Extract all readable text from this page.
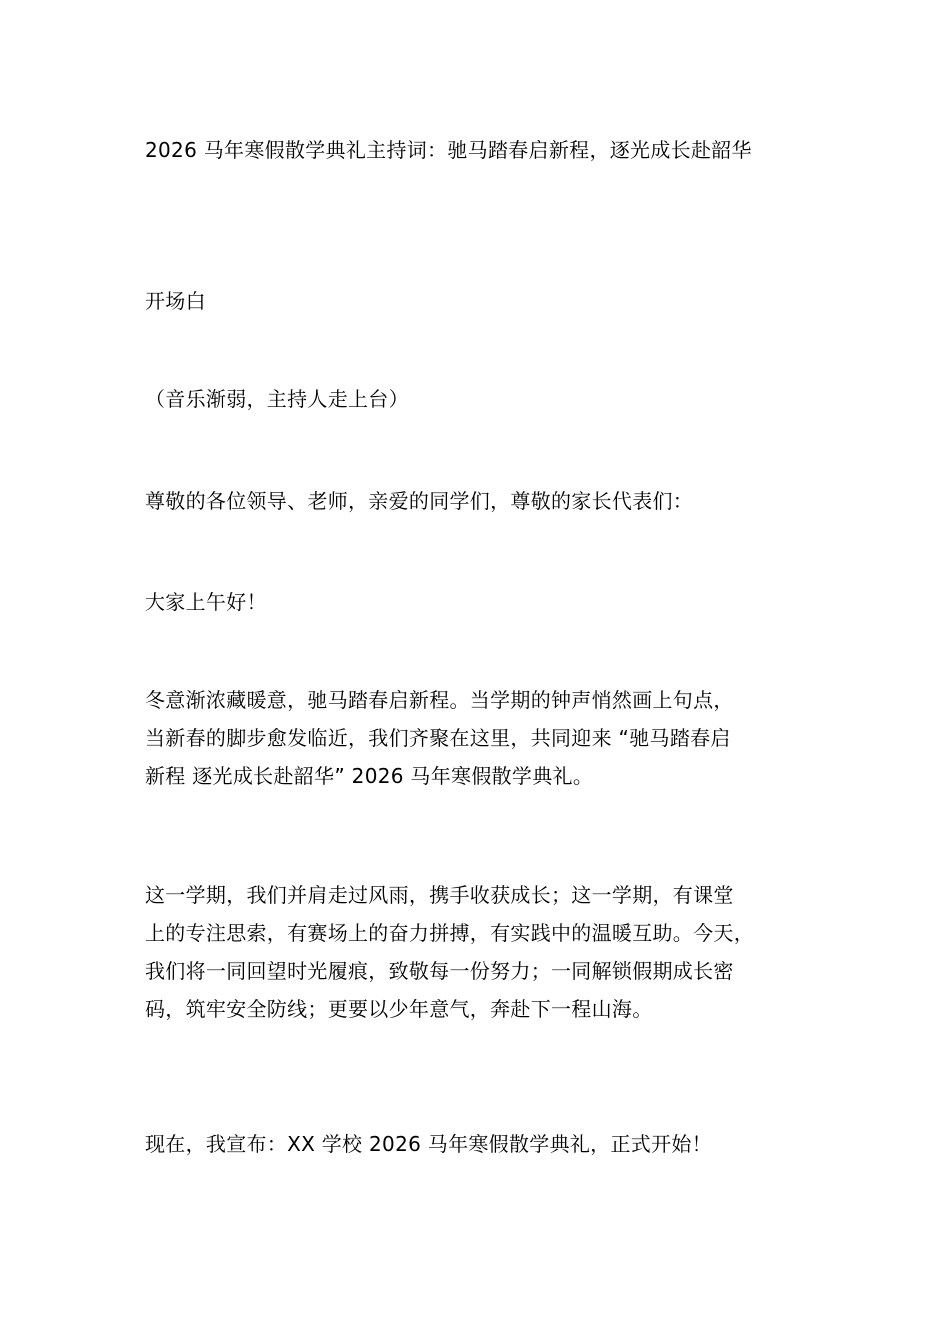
2026 马年寒假散学典礼主持词：驰马踏春启新程，逐光成长赴韶华
开场白
（音乐渐弱，主持人走上台）
尊敬的各位领导、老师，亲爱的同学们，尊敬的家长代表们：
大家上午好！
冬意渐浓藏暖意，驰马踏春启新程。当学期的钟声悄然画上句点，
当新春的脚步愈发临近，我们齐聚在这里，共同迎来 “驰马踏春启
新程 逐光成长赴韶华” 2026 马年寒假散学典礼。
这一学期，我们并肩走过风雨，携手收获成长；这一学期，有课堂
上的专注思索，有赛场上的奋力拼搏，有实践中的温暖互助。今天，
我们将一同回望时光履痕，致敬每一份努力；一同解锁假期成长密
码，筑牢安全防线；更要以少年意气，奔赴下一程山海。
现在，我宣布：XX 学校 2026 马年寒假散学典礼，正式开始！
